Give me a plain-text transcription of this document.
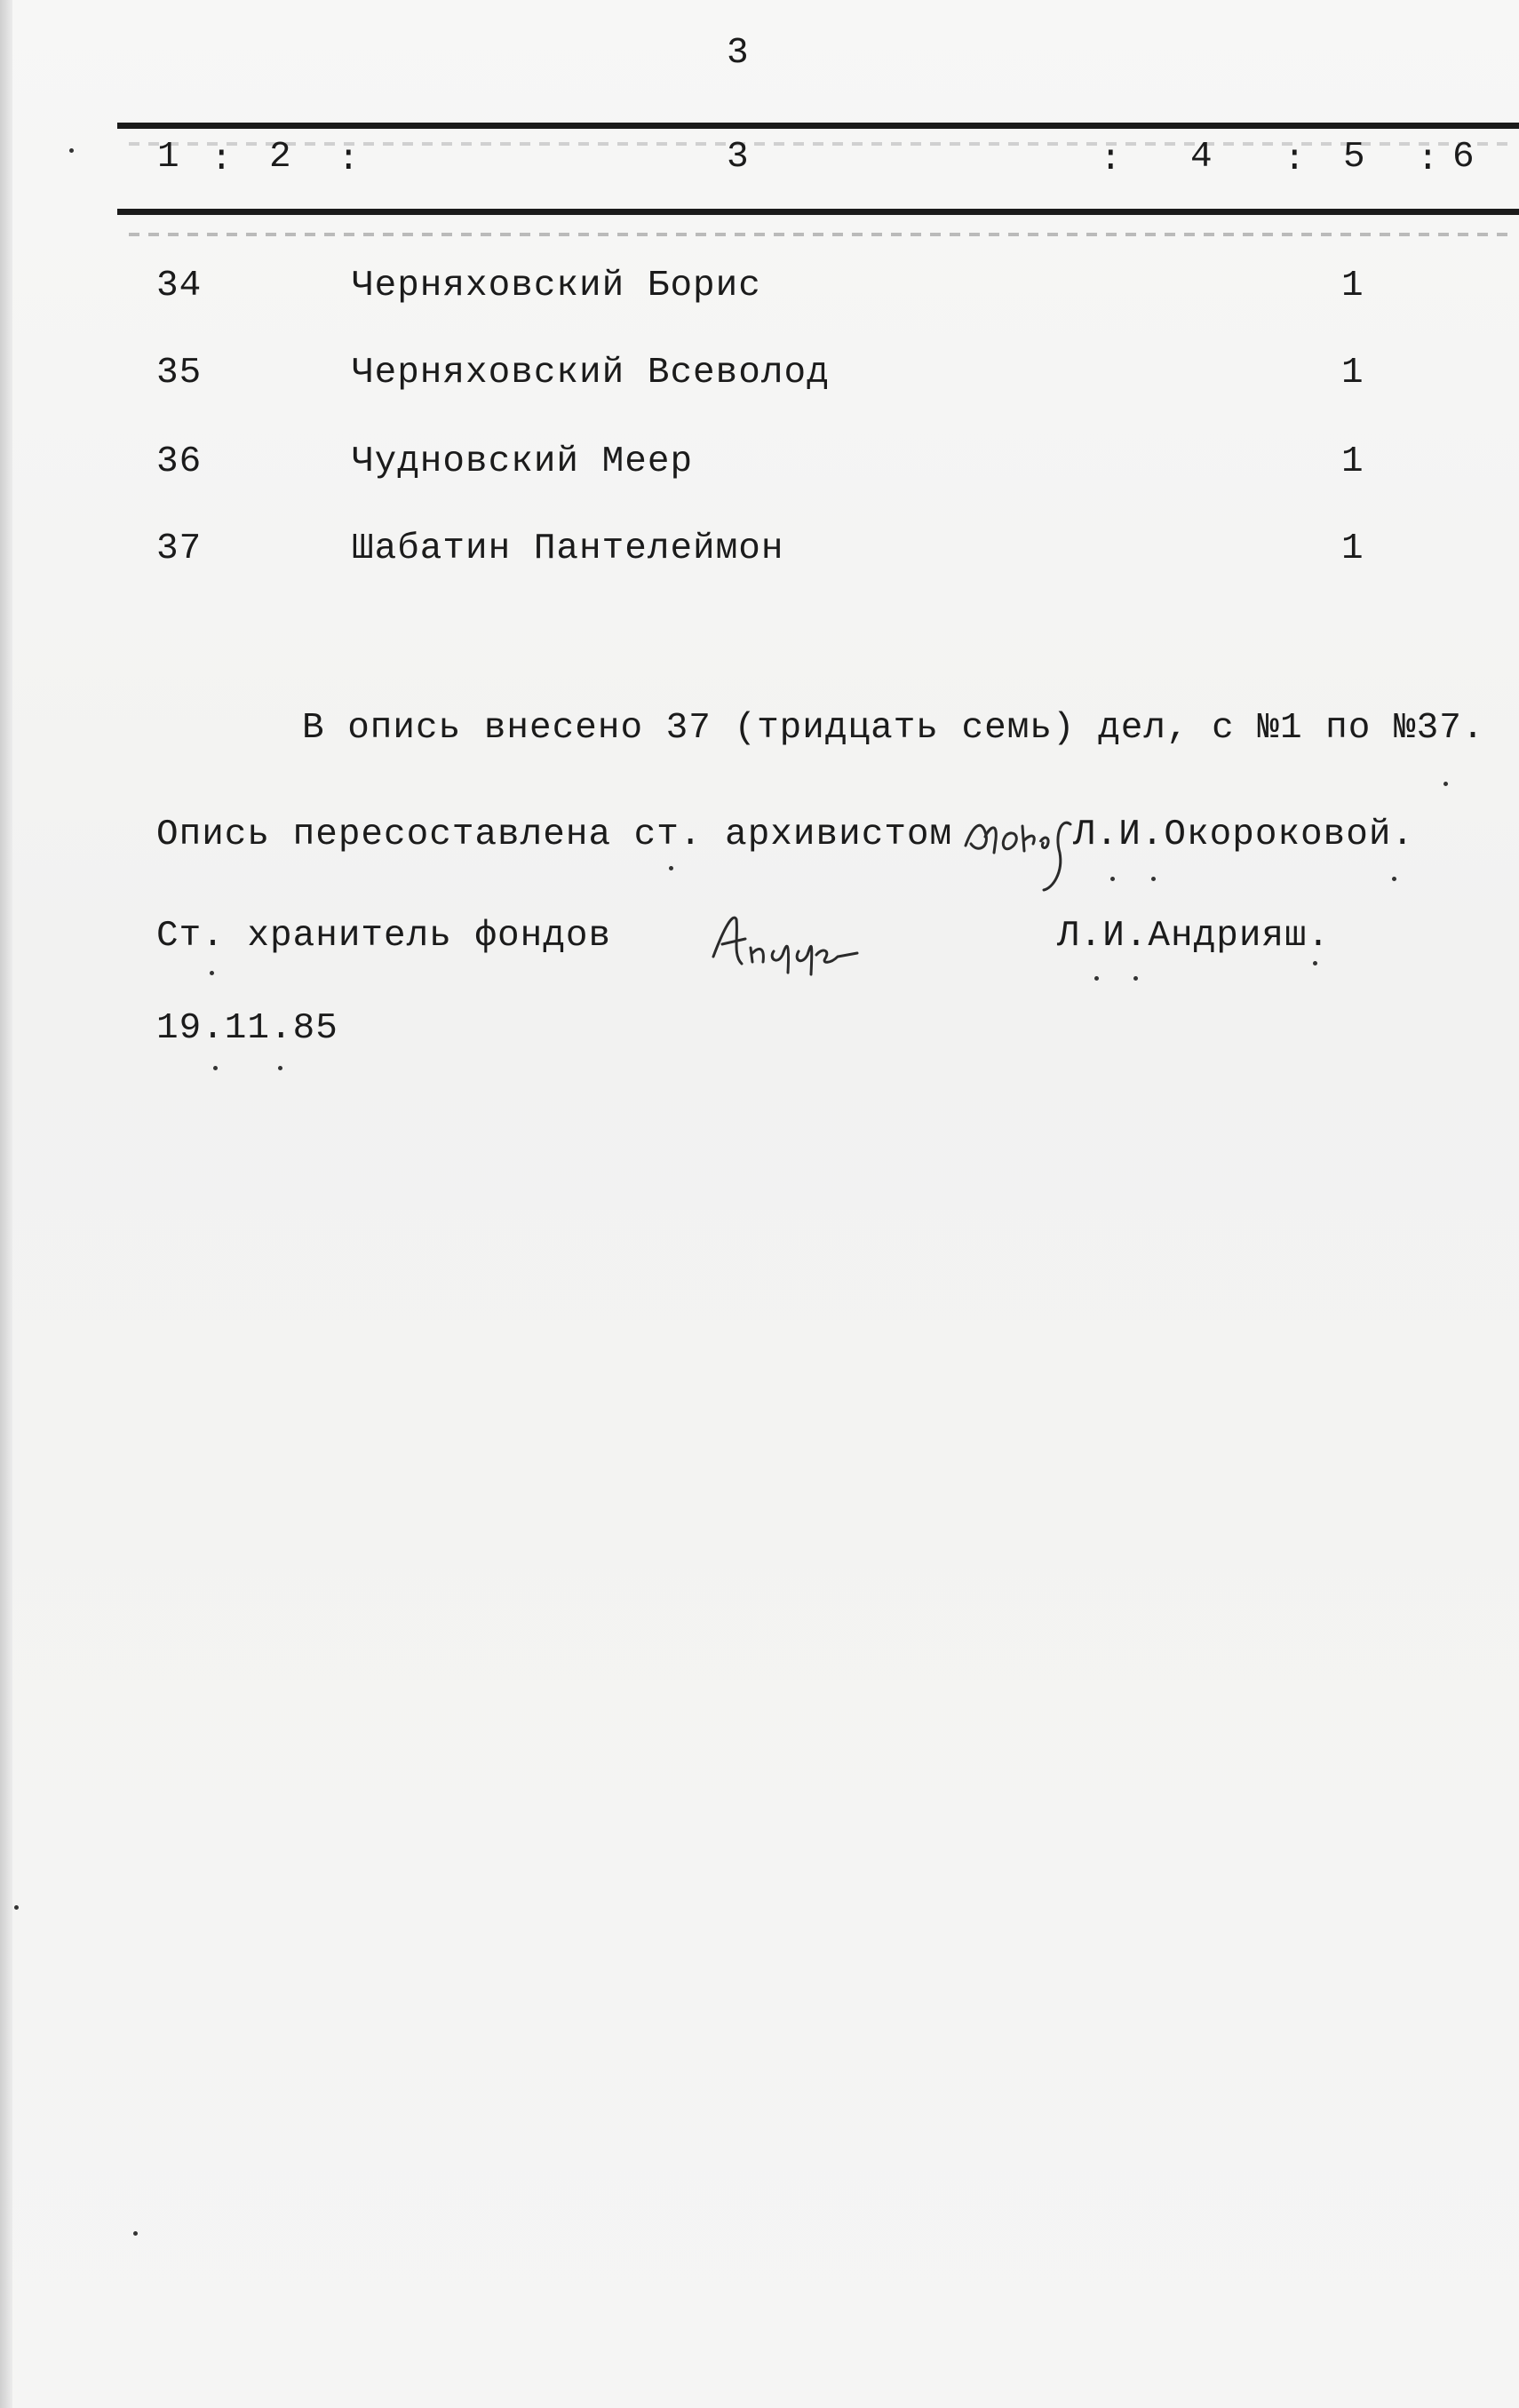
3
1 : 2 :	3	: 4 : 5 : 6
34	Черняховский Борис	1
35	Черняховский Всеволод	1
36	Чудновский Меер	1
37	Шабатин Пантелеймон	1
В опись внесено 37 (тридцать семь) дел, с №1 по №37.
Опись пересоставлена ст. архивистом	Л.И.Окороковой.
Ст. хранитель фондов	Л.И.Андрияш.
19.11.85
